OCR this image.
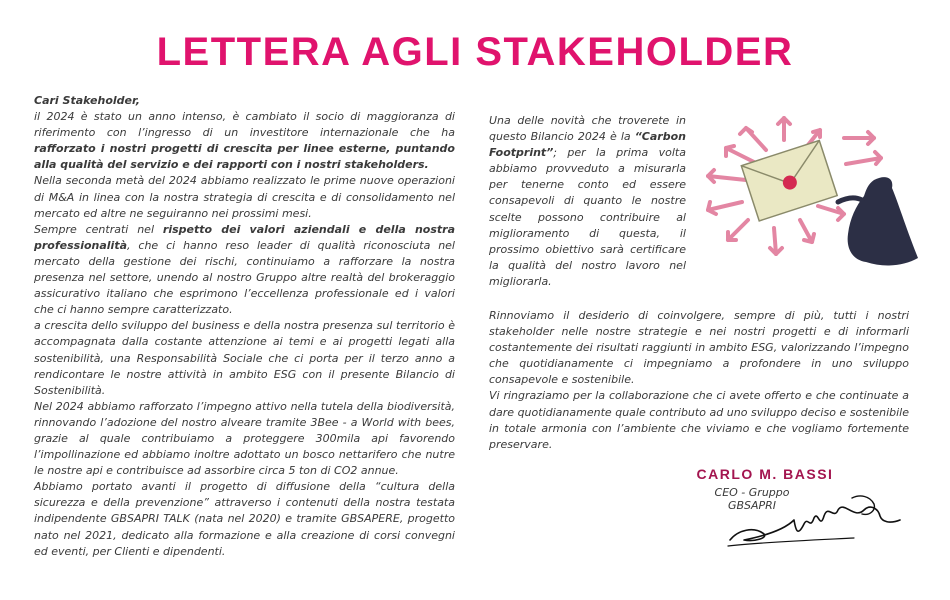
LETTERA AGLI STAKEHOLDER

Cari Stakeholder,

il 2024 è stato un anno intenso, è cambiato il socio di maggioranza di riferimento con l’ingresso di un investitore internazionale che ha rafforzato i nostri progetti di crescita per linee esterne, puntando alla qualità del servizio e dei rapporti con i nostri stakeholders.

Nella seconda metà del 2024 abbiamo realizzato le prime nuove operazioni di M&A in linea con la nostra strategia di crescita e di consolidamento nel mercato ed altre ne seguiranno nei prossimi mesi.

Sempre centrati nel rispetto dei valori aziendali e della nostra professionalità, che ci hanno reso leader di qualità riconosciuta nel mercato della gestione dei rischi, continuiamo a rafforzare la nostra presenza nel settore, unendo al nostro Gruppo altre realtà del brokeraggio assicurativo italiano che esprimono l’eccellenza professionale ed i valori che ci hanno sempre caratterizzato.

a crescita dello sviluppo del business e della nostra presenza sul territorio è accompagnata dalla costante attenzione ai temi e ai progetti legati alla sostenibilità, una Responsabilità Sociale che ci porta per il terzo anno a rendicontare le nostre attività in ambito ESG con il presente Bilancio di Sostenibilità.

Nel 2024 abbiamo rafforzato l’impegno attivo nella tutela della biodiversità, rinnovando l’adozione del nostro alveare tramite 3Bee - a World with bees, grazie al quale contribuiamo a proteggere 300mila api favorendo l’impollinazione ed abbiamo inoltre adottato un bosco nettarifero che nutre le nostre api e contribuisce ad assorbire circa 5 ton di CO2 annue.

Abbiamo portato avanti il progetto di diffusione della “cultura della sicurezza e della prevenzione” attraverso i contenuti della nostra testata indipendente GBSAPRI TALK (nata nel 2020) e tramite GBSAPERE, progetto nato nel 2021, dedicato alla formazione e alla creazione di corsi convegni ed eventi, per Clienti e dipendenti.

Una delle novità che troverete in questo Bilancio 2024 è la “Carbon Footprint”; per la prima volta abbiamo provveduto a misurarla per tenerne conto ed essere consapevoli di quanto le nostre scelte possono contribuire al miglioramento di questa, il prossimo obiettivo sarà certificare la qualità del nostro lavoro nel migliorarla.

Rinnoviamo il desiderio di coinvolgere, sempre di più, tutti i nostri stakeholder nelle nostre strategie e nei nostri progetti e di informarli costantemente dei risultati raggiunti in ambito ESG, valorizzando l’impegno che quotidianamente ci impegniamo a profondere in uno sviluppo consapevole e sostenibile.

Vi ringraziamo per la collaborazione che ci avete offerto e che continuate a dare quotidianamente quale contributo ad uno sviluppo deciso e sostenibile in totale armonia con l’ambiente che viviamo e che vogliamo fortemente preservare.

CARLO M. BASSI
CEO - Gruppo GBSAPRI
